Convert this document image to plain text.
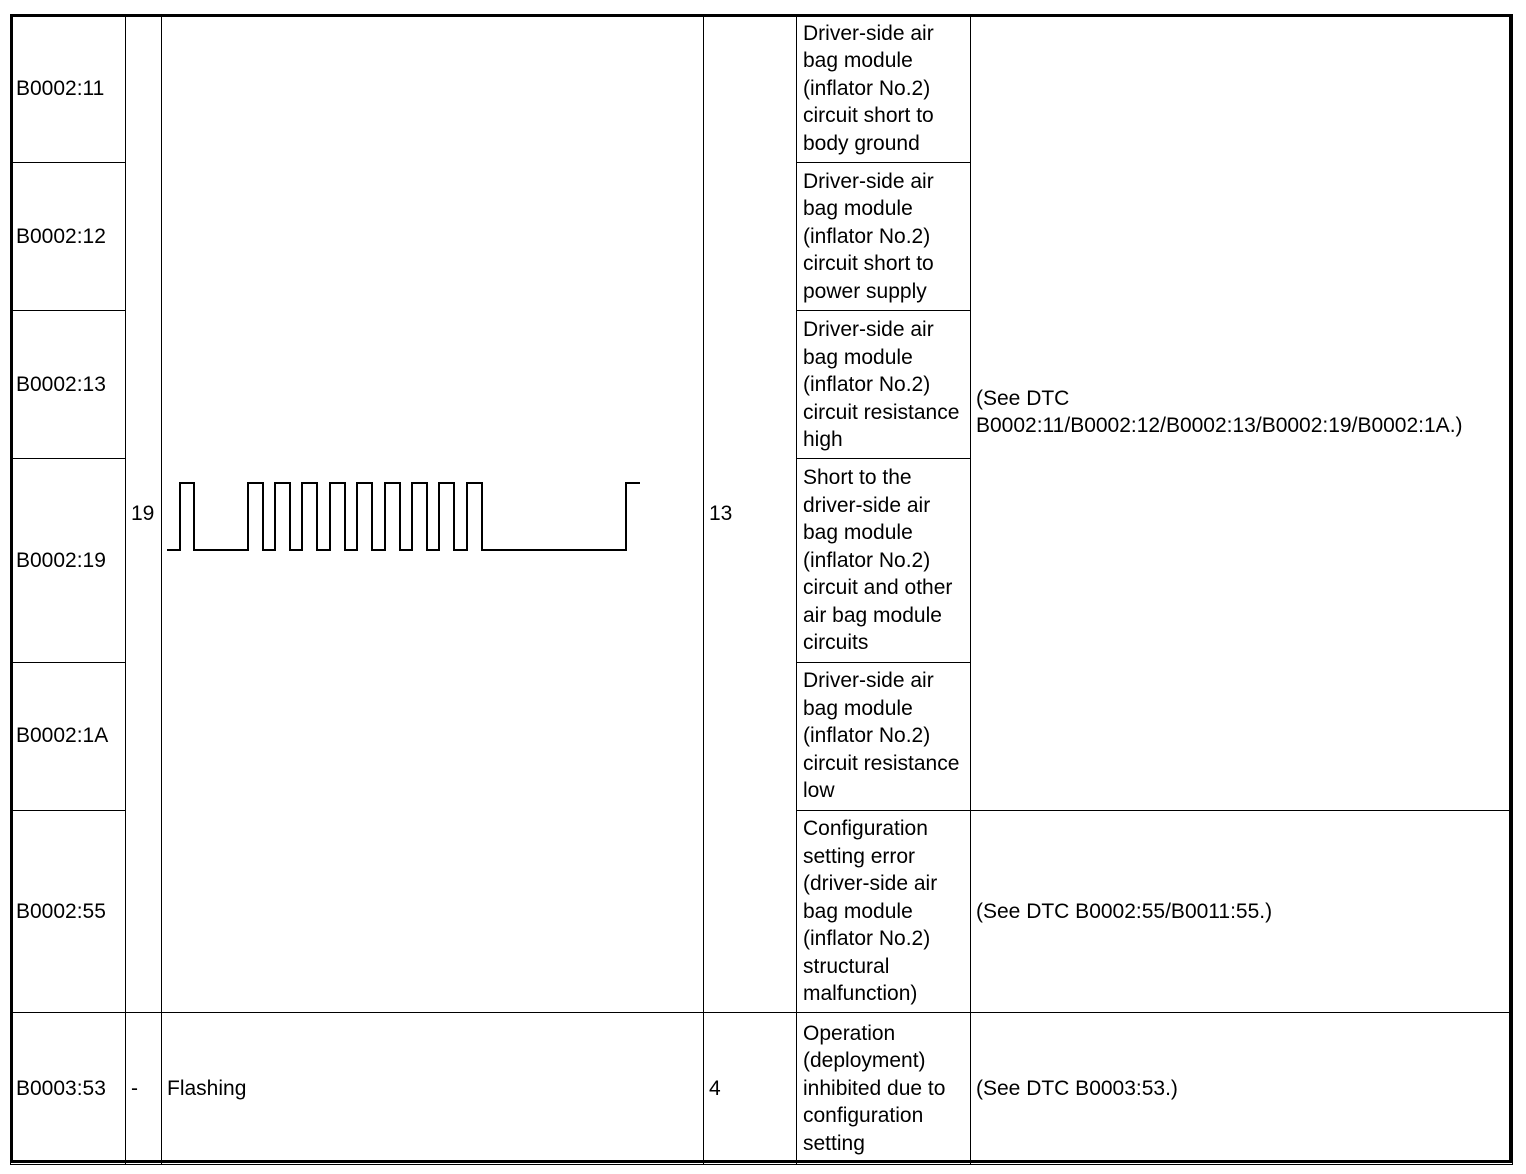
B0002:11	19		13	Driver-side air bag module (inflator No.2) circuit short to body ground	(See DTC B0002:11/B0002:12/B0002:13/B0002:19/B0002:1A.)
B0002:12				Driver-side air bag module (inflator No.2) circuit short to power supply	
B0002:13				Driver-side air bag module (inflator No.2) circuit resistance high	
B0002:19				Short to the driver-side air bag module (inflator No.2) circuit and other air bag module circuits	
B0002:1A				Driver-side air bag module (inflator No.2) circuit resistance low	
B0002:55				Configuration setting error (driver-side air bag module (inflator No.2) structural malfunction)	(See DTC B0002:55/B0011:55.)
B0003:53	-	Flashing	4	Operation (deployment) inhibited due to configuration setting	(See DTC B0003:53.)
